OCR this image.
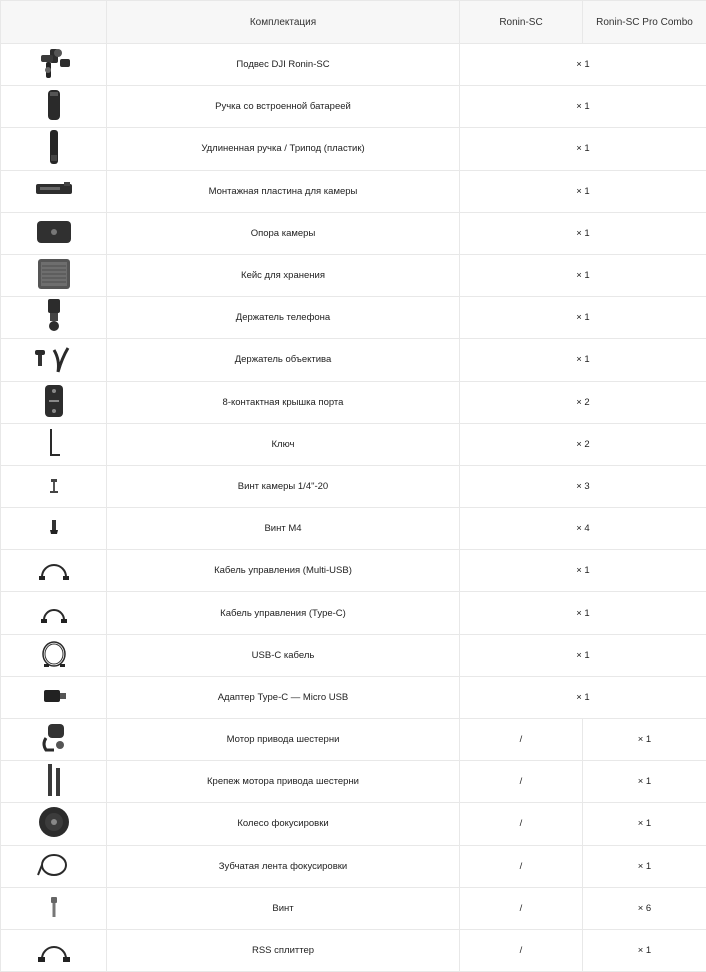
	Комплектация	Ronin-SC	Ronin-SC Pro Combo

	Подвес DJI Ronin-SC	× 1	

	Ручка со встроенной батареей	× 1	

	Удлиненная ручка / Трипод (пластик)	× 1	

	Монтажная пластина для камеры	× 1	

	Опора камеры	× 1	

	Кейс для хранения	× 1	

	Держатель телефона	× 1	

	Держатель объектива	× 1	

	8-контактная крышка порта	× 2	

	Ключ	× 2	

	Винт камеры 1/4"-20	× 3	

	Винт M4	× 4	

	Кабель управления (Multi-USB)	× 1	

	Кабель управления (Type-C)	× 1	

	USB-C кабель	× 1	

	Адаптер Type-C — Micro USB	× 1	

	Мотор привода шестерни	/	× 1

	Крепеж мотора привода шестерни	/	× 1

	Колесо фокусировки	/	× 1

	Зубчатая лента фокусировки	/	× 1

	Винт	/	× 6

	RSS сплиттер	/	× 1
